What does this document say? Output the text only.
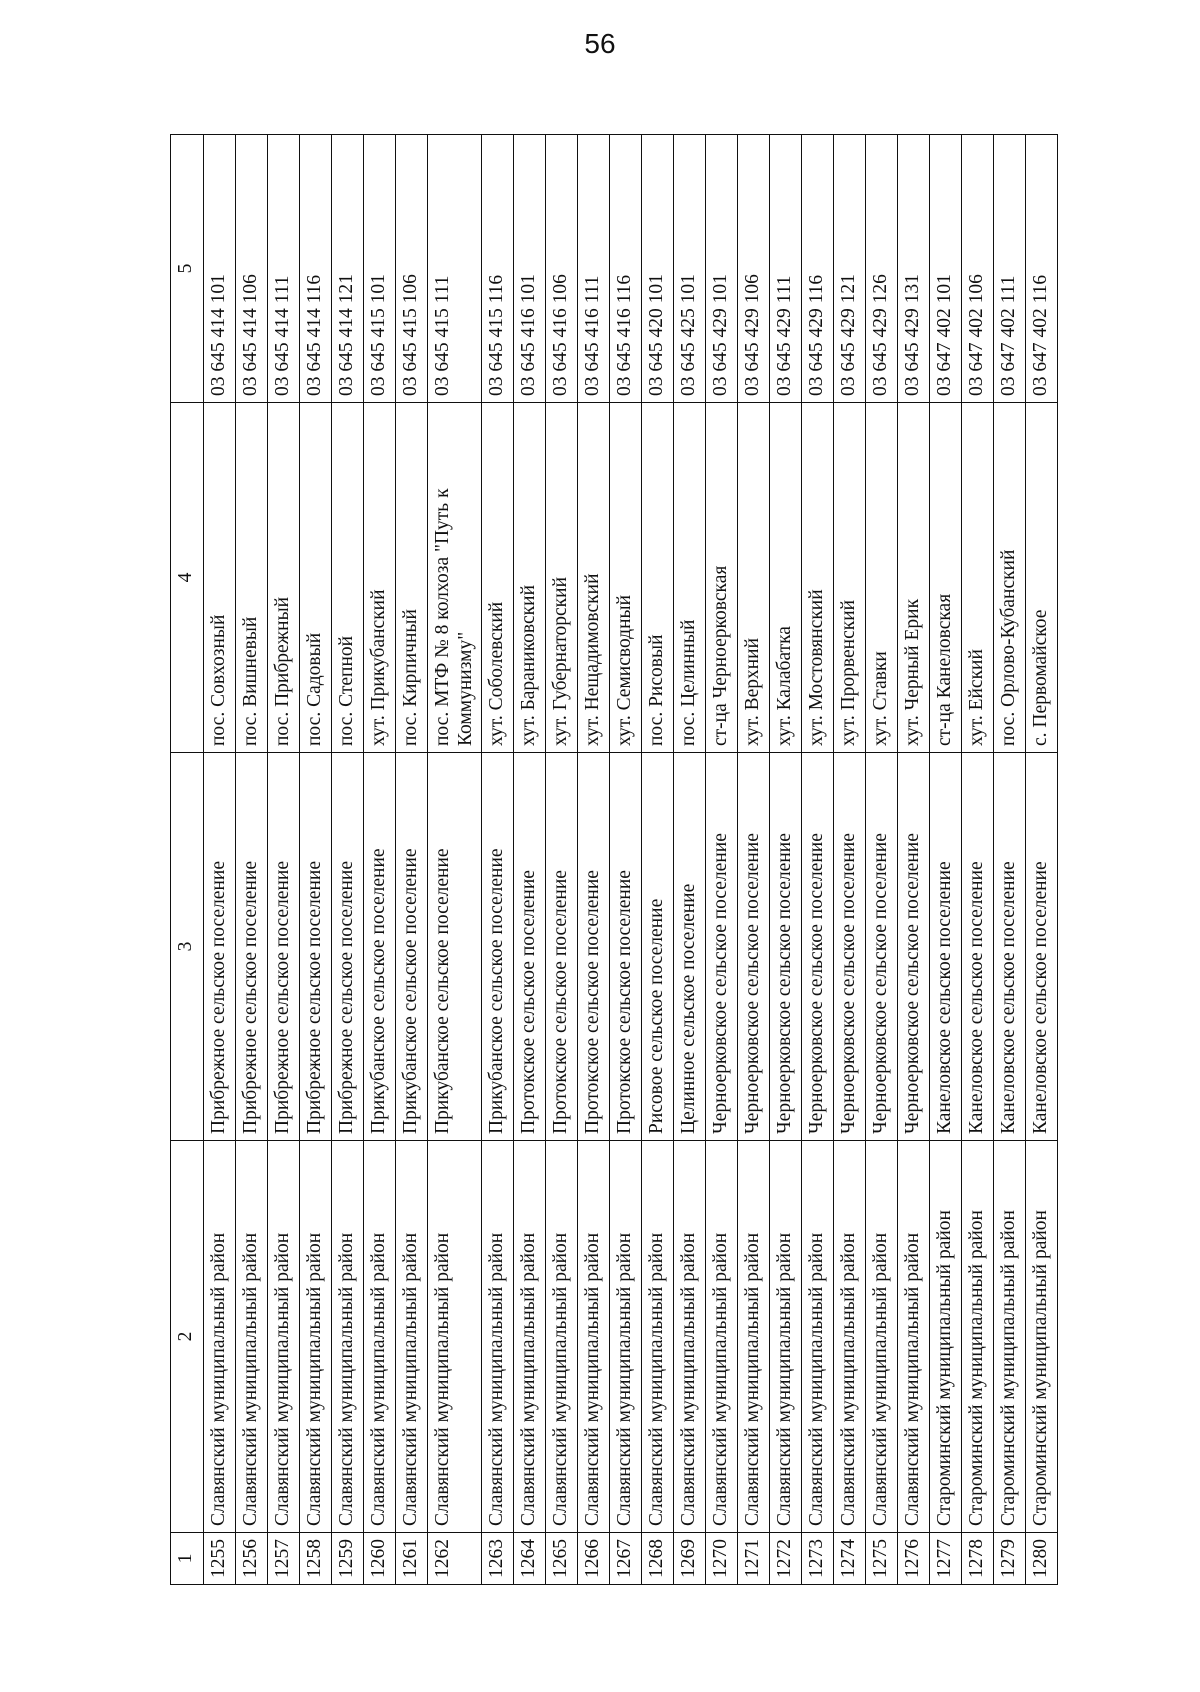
56
1	2	3	4	5
1255	Славянский муниципальный район	Прибрежное сельское поселение	пос. Совхозный	03 645 414 101
1256	Славянский муниципальный район	Прибрежное сельское поселение	пос. Вишневый	03 645 414 106
1257	Славянский муниципальный район	Прибрежное сельское поселение	пос. Прибрежный	03 645 414 111
1258	Славянский муниципальный район	Прибрежное сельское поселение	пос. Садовый	03 645 414 116
1259	Славянский муниципальный район	Прибрежное сельское поселение	пос. Степной	03 645 414 121
1260	Славянский муниципальный район	Прикубанское сельское поселение	хут. Прикубанский	03 645 415 101
1261	Славянский муниципальный район	Прикубанское сельское поселение	пос. Кирпичный	03 645 415 106
1262	Славянский муниципальный район	Прикубанское сельское поселение	пос. МТФ № 8 колхоза "Путь к Коммунизму"	03 645 415 111
1263	Славянский муниципальный район	Прикубанское сельское поселение	хут. Соболевский	03 645 415 116
1264	Славянский муниципальный район	Протокское сельское поселение	хут. Бараниковский	03 645 416 101
1265	Славянский муниципальный район	Протокское сельское поселение	хут. Губернаторский	03 645 416 106
1266	Славянский муниципальный район	Протокское сельское поселение	хут. Нещадимовский	03 645 416 111
1267	Славянский муниципальный район	Протокское сельское поселение	хут. Семисводный	03 645 416 116
1268	Славянский муниципальный район	Рисовое сельское поселение	пос. Рисовый	03 645 420 101
1269	Славянский муниципальный район	Целинное сельское поселение	пос. Целинный	03 645 425 101
1270	Славянский муниципальный район	Черноерковское сельское поселение	ст-ца Черноерковская	03 645 429 101
1271	Славянский муниципальный район	Черноерковское сельское поселение	хут. Верхний	03 645 429 106
1272	Славянский муниципальный район	Черноерковское сельское поселение	хут. Калабатка	03 645 429 111
1273	Славянский муниципальный район	Черноерковское сельское поселение	хут. Мостовянский	03 645 429 116
1274	Славянский муниципальный район	Черноерковское сельское поселение	хут. Прорвенский	03 645 429 121
1275	Славянский муниципальный район	Черноерковское сельское поселение	хут. Ставки	03 645 429 126
1276	Славянский муниципальный район	Черноерковское сельское поселение	хут. Черный Ерик	03 645 429 131
1277	Староминский муниципальный район	Канеловское сельское поселение	ст-ца Канеловская	03 647 402 101
1278	Староминский муниципальный район	Канеловское сельское поселение	хут. Ейский	03 647 402 106
1279	Староминский муниципальный район	Канеловское сельское поселение	пос. Орлово-Кубанский	03 647 402 111
1280	Староминский муниципальный район	Канеловское сельское поселение	с. Первомайское	03 647 402 116
